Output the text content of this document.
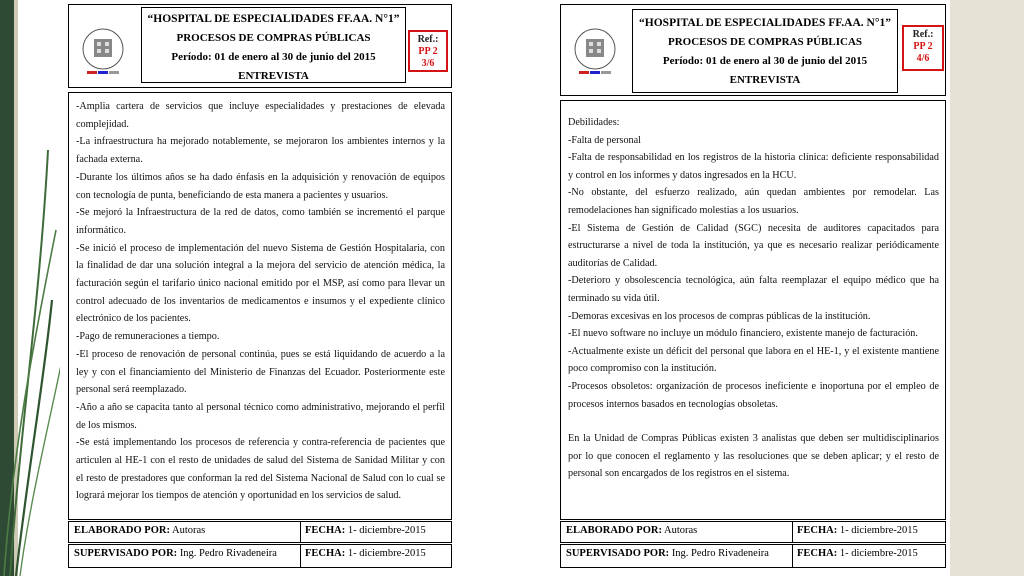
“HOSPITAL DE ESPECIALIDADES FF.AA. N°1”
PROCESOS DE COMPRAS PÚBLICAS
Período: 01 de enero al 30 de junio del 2015
ENTREVISTA
Ref.:
PP 2
3/6

-Amplia cartera de servicios que incluye especialidades y prestaciones de elevada complejidad.

-La infraestructura ha mejorado notablemente, se mejoraron los ambientes internos y la fachada externa.

-Durante los últimos años se ha dado énfasis en la adquisición y renovación de equipos con tecnología de punta, beneficiando de esta manera a pacientes y usuarios.

-Se mejoró la Infraestructura de la red de datos, como también se incrementó el parque informático.

-Se inició el proceso de implementación del nuevo Sistema de Gestión Hospitalaria, con la finalidad de dar una solución integral a la mejora del servicio de atención médica, la facturación según el tarifario único nacional emitido por el MSP, así como para llevar un control adecuado de los inventarios de medicamentos e insumos y el expediente clínico electrónico de los pacientes.

-Pago de remuneraciones a tiempo.

-El proceso de renovación de personal continúa, pues se está liquidando de acuerdo a la ley y con el financiamiento del Ministerio de Finanzas del Ecuador. Posteriormente este personal será reemplazado.

-Año a año se capacita tanto al personal técnico como administrativo, mejorando el perfil de los mismos.

-Se está implementando los procesos de referencia y contra-referencia de pacientes que articulen al HE-1 con el resto de unidades de salud del Sistema de Sanidad Militar y con el resto de prestadores que conforman la red del Sistema Nacional de Salud con lo cual se logrará mejorar los tiempos de atención y oportunidad en los servicios de salud.

ELABORADO POR: Autoras	FECHA: 1- diciembre-2015
SUPERVISADO POR: Ing. Pedro Rivadeneira	FECHA: 1- diciembre-2015
“HOSPITAL DE ESPECIALIDADES FF.AA. N°1”
PROCESOS DE COMPRAS PÚBLICAS
Período: 01 de enero al 30 de junio del 2015
ENTREVISTA
Ref.:
PP 2
4/6

Debilidades:

-Falta de personal

-Falta de responsabilidad en los registros de la historia clínica: deficiente responsabilidad y control en los informes y datos ingresados en la HCU.

-No obstante, del esfuerzo realizado, aún quedan ambientes por remodelar. Las remodelaciones han significado molestias a los usuarios.

-El Sistema de Gestión de Calidad (SGC) necesita de auditores capacitados para estructurarse a nivel de toda la institución, ya que es necesario realizar periódicamente auditorías de Calidad.

-Deterioro y obsolescencia tecnológica, aún falta reemplazar el equipo médico que ha terminado su vida útil.

-Demoras excesivas en los procesos de compras públicas de la institución.

-El nuevo software no incluye un módulo financiero, existente manejo de facturación.

-Actualmente existe un déficit del personal que labora en el HE-1, y el existente mantiene poco compromiso con la institución.

-Procesos obsoletos: organización de procesos ineficiente e inoportuna por el empleo de procesos internos basados en tecnologías obsoletas.

En la Unidad de Compras Públicas existen 3 analistas que deben ser multidisciplinarios por lo que conocen el reglamento y las resoluciones que se deben aplicar; y el resto de personal son encargados de los registros en el sistema.

ELABORADO POR: Autoras	FECHA: 1- diciembre-2015
SUPERVISADO POR: Ing. Pedro Rivadeneira	FECHA: 1- diciembre-2015
